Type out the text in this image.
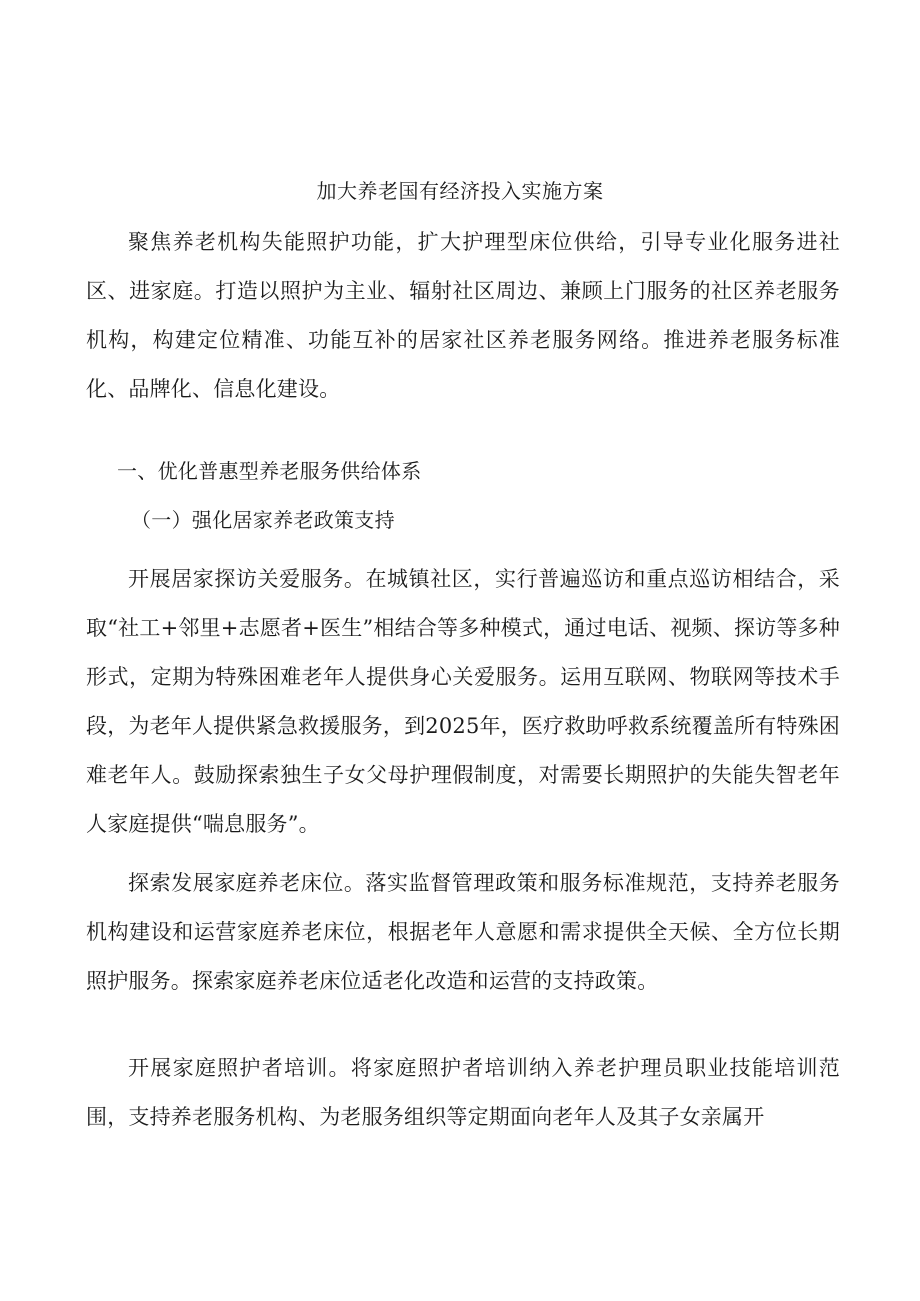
加大养老国有经济投入实施方案

聚焦养老机构失能照护功能，扩大护理型床位供给，引导专业化服务进社区、进家庭。打造以照护为主业、辐射社区周边、兼顾上门服务的社区养老服务机构，构建定位精准、功能互补的居家社区养老服务网络。推进养老服务标准化、品牌化、信息化建设。

一、优化普惠型养老服务供给体系

（一）强化居家养老政策支持

开展居家探访关爱服务。在城镇社区，实行普遍巡访和重点巡访相结合，采取“社工+邻里+志愿者+医生”相结合等多种模式，通过电话、视频、探访等多种形式，定期为特殊困难老年人提供身心关爱服务。运用互联网、物联网等技术手段，为老年人提供紧急救援服务，到2025年，医疗救助呼救系统覆盖所有特殊困难老年人。鼓励探索独生子女父母护理假制度，对需要长期照护的失能失智老年人家庭提供“喘息服务”。

探索发展家庭养老床位。落实监督管理政策和服务标准规范，支持养老服务机构建设和运营家庭养老床位，根据老年人意愿和需求提供全天候、全方位长期照护服务。探索家庭养老床位适老化改造和运营的支持政策。

开展家庭照护者培训。将家庭照护者培训纳入养老护理员职业技能培训范围，支持养老服务机构、为老服务组织等定期面向老年人及其子女亲属开
